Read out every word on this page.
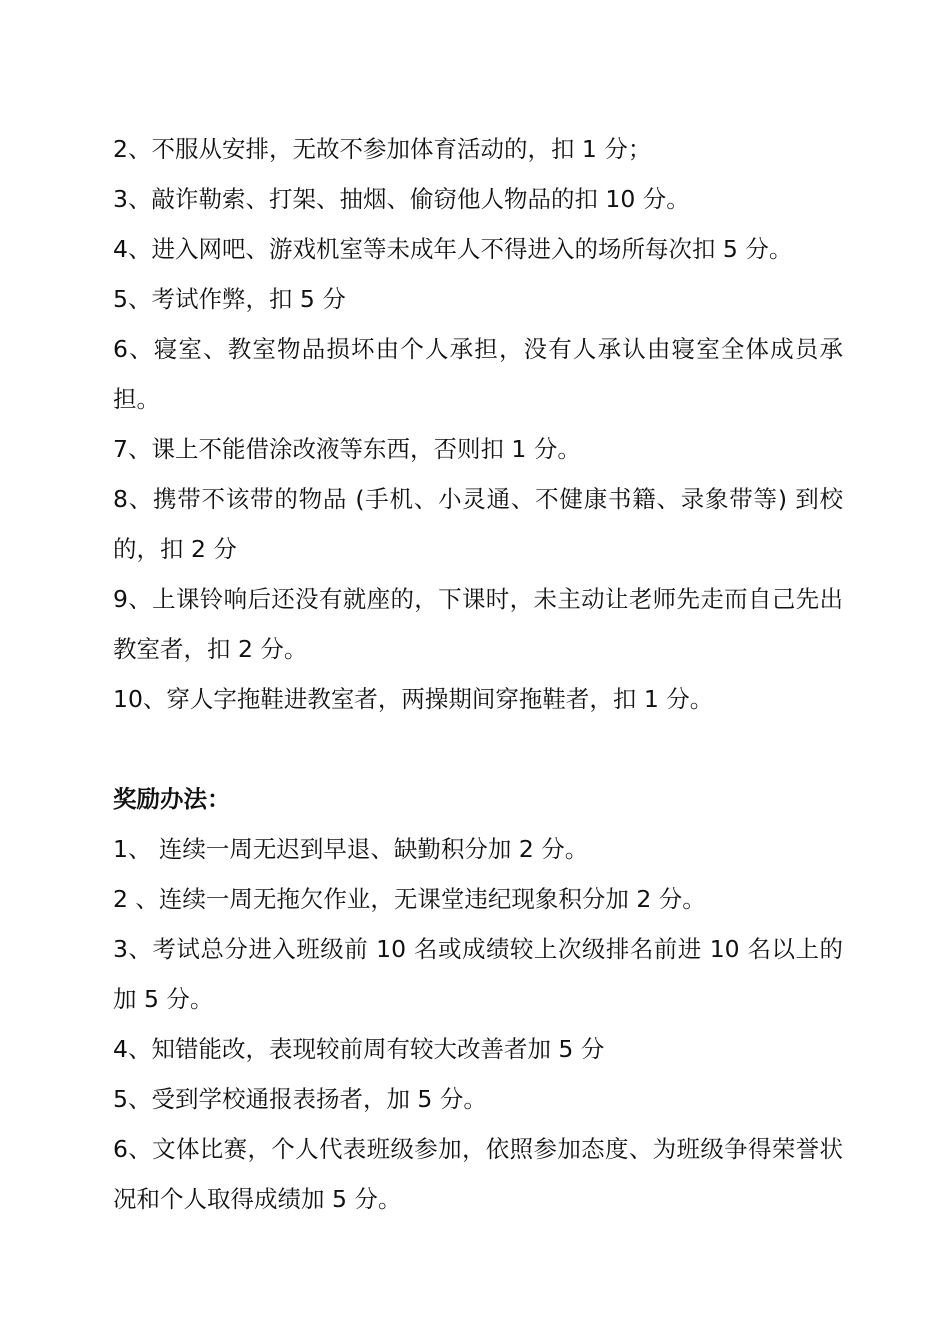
2、不服从安排，无故不参加体育活动的，扣 1 分；

3、敲诈勒索、打架、抽烟、偷窃他人物品的扣 10 分。

4、进入网吧、游戏机室等未成年人不得进入的场所每次扣 5 分。

5、考试作弊，扣 5 分

6、寝室、教室物品损坏由个人承担，没有人承认由寝室全体成员承担。

7、课上不能借涂改液等东西，否则扣 1 分。

8、携带不该带的物品 (手机、小灵通、不健康书籍、录象带等) 到校的，扣 2 分

9、上课铃响后还没有就座的，下课时，未主动让老师先走而自己先出教室者，扣 2 分。

10、穿人字拖鞋进教室者，两操期间穿拖鞋者，扣 1 分。

奖励办法：

1、 连续一周无迟到早退、缺勤积分加 2 分。

2 、连续一周无拖欠作业，无课堂违纪现象积分加 2 分。

3、考试总分进入班级前 10 名或成绩较上次级排名前进 10 名以上的加 5 分。

4、知错能改，表现较前周有较大改善者加 5 分

5、受到学校通报表扬者，加 5 分。

6、文体比赛，个人代表班级参加，依照参加态度、为班级争得荣誉状况和个人取得成绩加 5 分。
